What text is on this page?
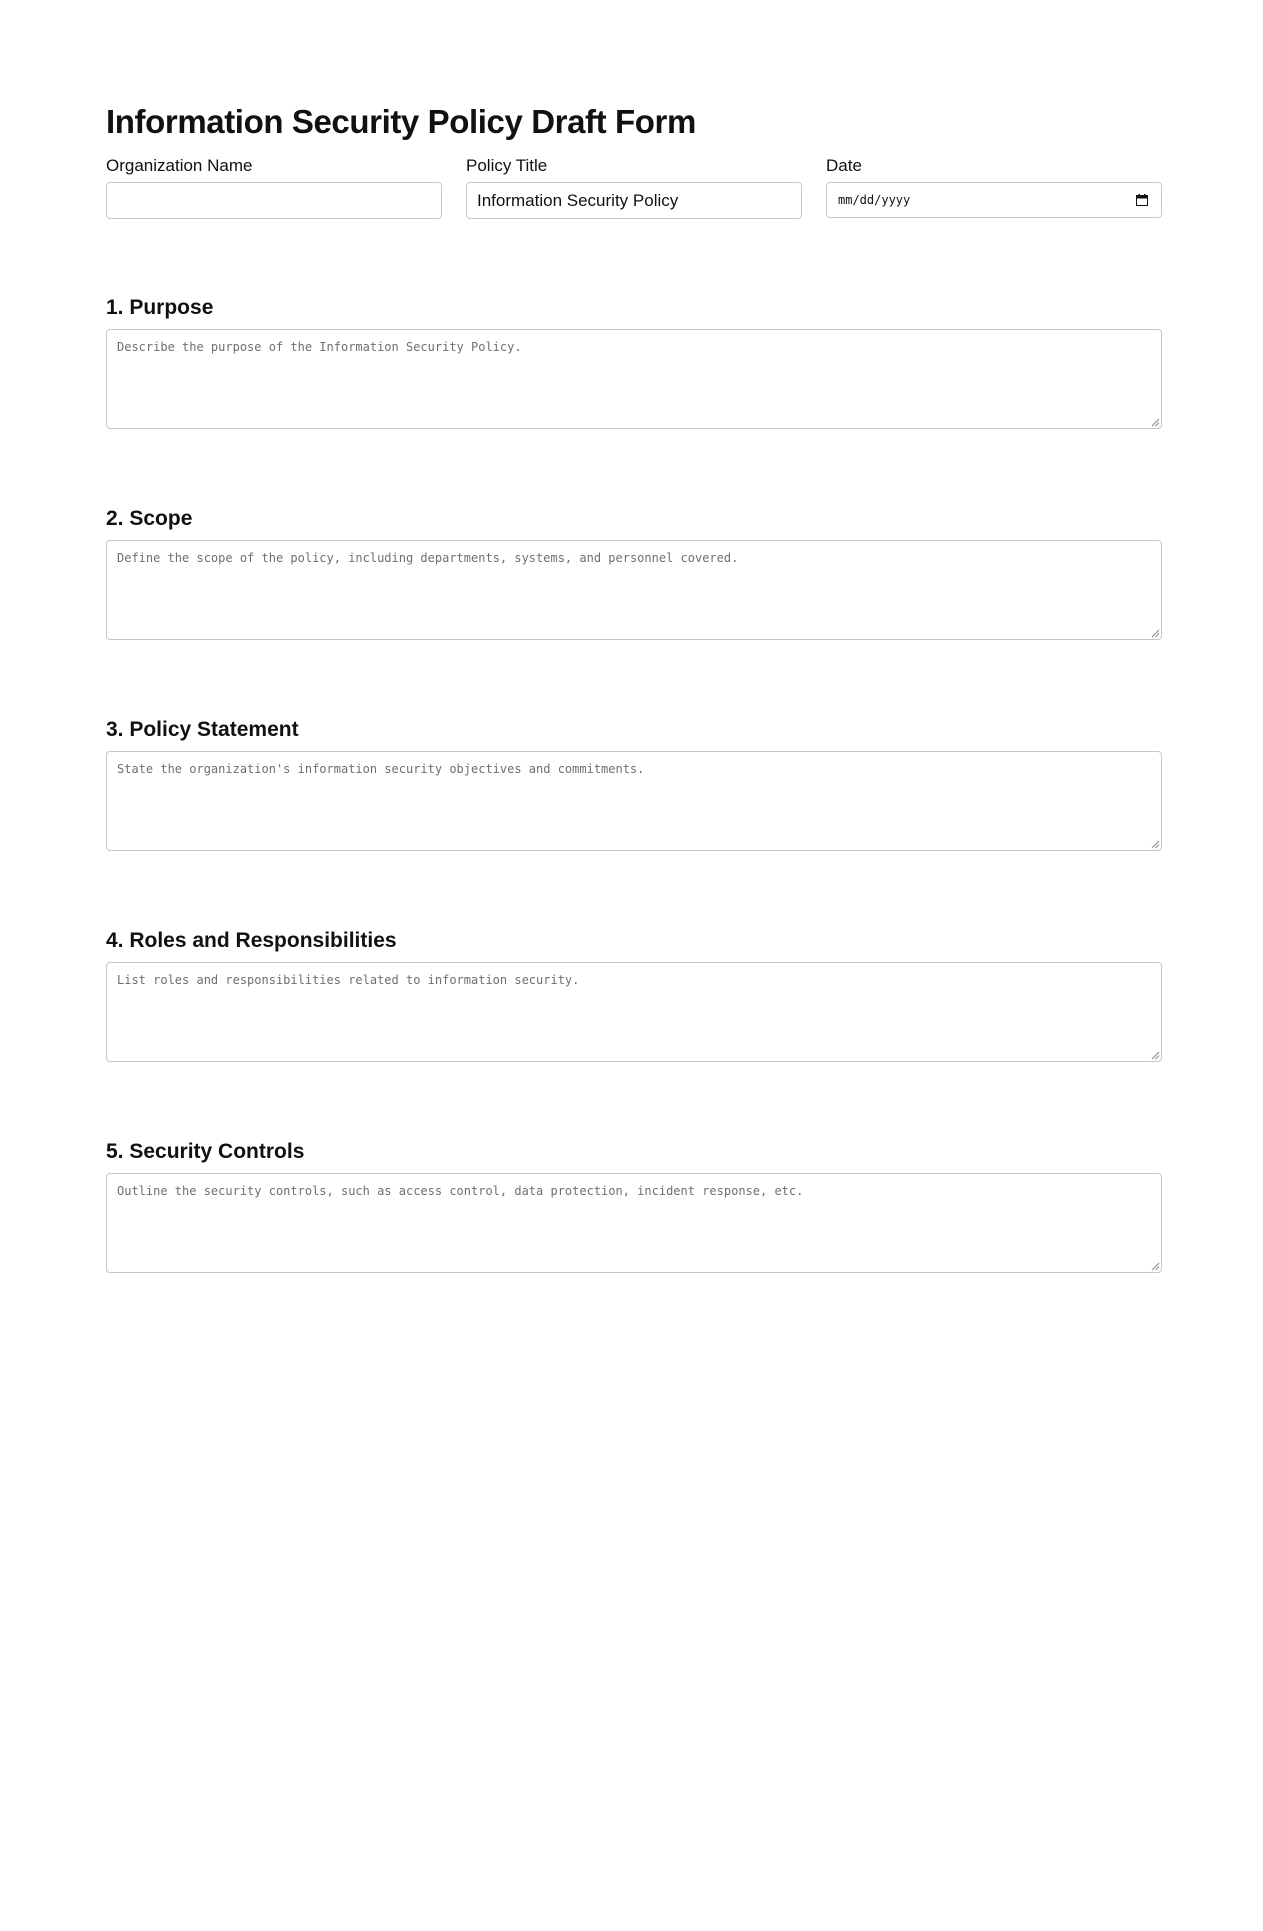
Information Security Policy Draft Form
Organization Name	Policy Title
Information Security Policy	Date
mm/dd/yyyy
1. Purpose
Describe the purpose of the Information Security Policy.
2. Scope
Define the scope of the policy, including departments, systems, and personnel covered.
3. Policy Statement
State the organization's information security objectives and commitments.
4. Roles and Responsibilities
List roles and responsibilities related to information security.
5. Security Controls
Outline the security controls, such as access control, data protection, incident response, etc.
